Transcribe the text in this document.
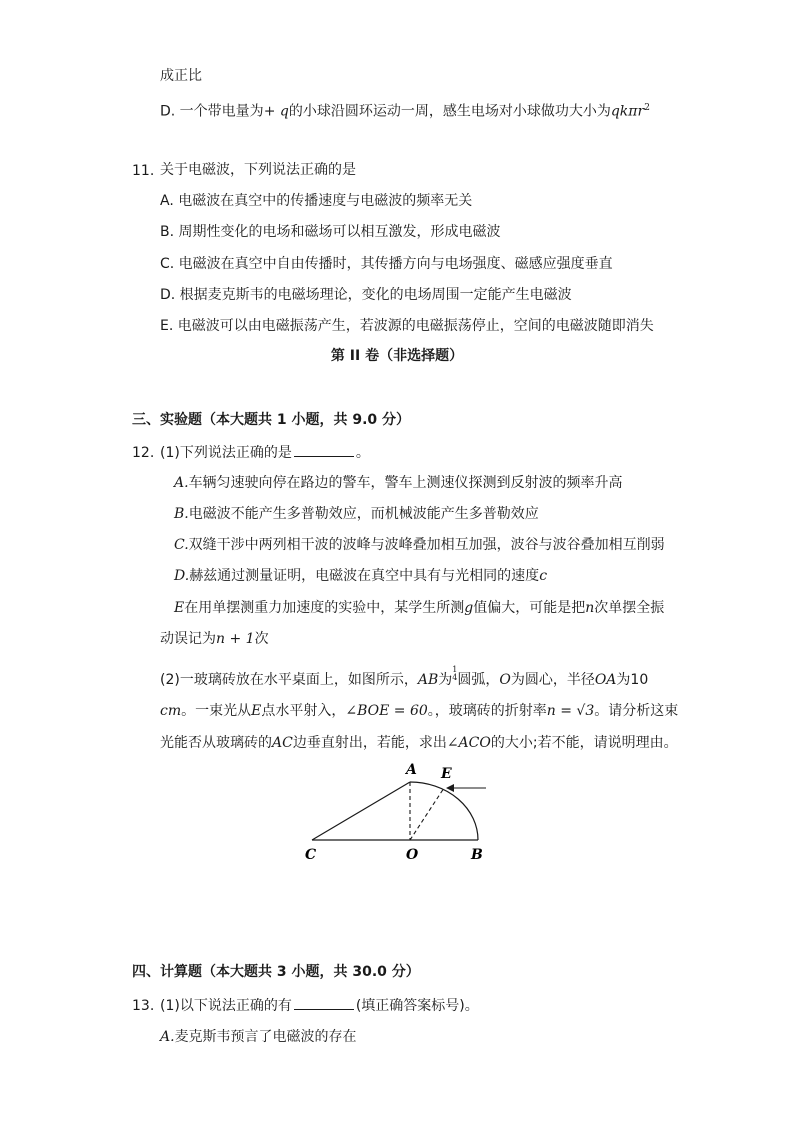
成正比
D. 一个带电量为+ q的小球沿圆环运动一周，感生电场对小球做功大小为qkπr$^2$
11. 关于电磁波，下列说法正确的是
A. 电磁波在真空中的传播速度与电磁波的频率无关
B. 周期性变化的电场和磁场可以相互激发，形成电磁波
C. 电磁波在真空中自由传播时，其传播方向与电场强度、磁感应强度垂直
D. 根据麦克斯韦的电磁场理论，变化的电场周围一定能产生电磁波
E. 电磁波可以由电磁振荡产生，若波源的电磁振荡停止，空间的电磁波随即消失
第 II 卷（非选择题）
三、实验题（本大题共 1 小题，共 9.0 分）
12. (1)下列说法正确的是	。
A.车辆匀速驶向停在路边的警车，警车上测速仪探测到反射波的频率升高
B.电磁波不能产生多普勒效应，而机械波能产生多普勒效应
C.双缝干涉中两列相干波的波峰与波峰叠加相互加强，波谷与波谷叠加相互削弱
D.赫兹通过测量证明，电磁波在真空中具有与光相同的速度c
E在用单摆测重力加速度的实验中，某学生所测g值偏大，可能是把n次单摆全振
动误记为n + 1次
(2)一玻璃砖放在水平桌面上，如图所示，AB为
1
4 圆弧，O为圆心，半径OA为10
cm。一束光从E点水平射入，∠BOE = 60。，玻璃砖的折射率n = √3。请分析这束
光能否从玻璃砖的AC边垂直射出，若能，求出∠ACO的大小;若不能，请说明理由。
A E
C	O	B
四、计算题（本大题共 3 小题，共 30.0 分）
13. (1)以下说法正确的有	(填正确答案标号)。
A.麦克斯韦预言了电磁波的存在
